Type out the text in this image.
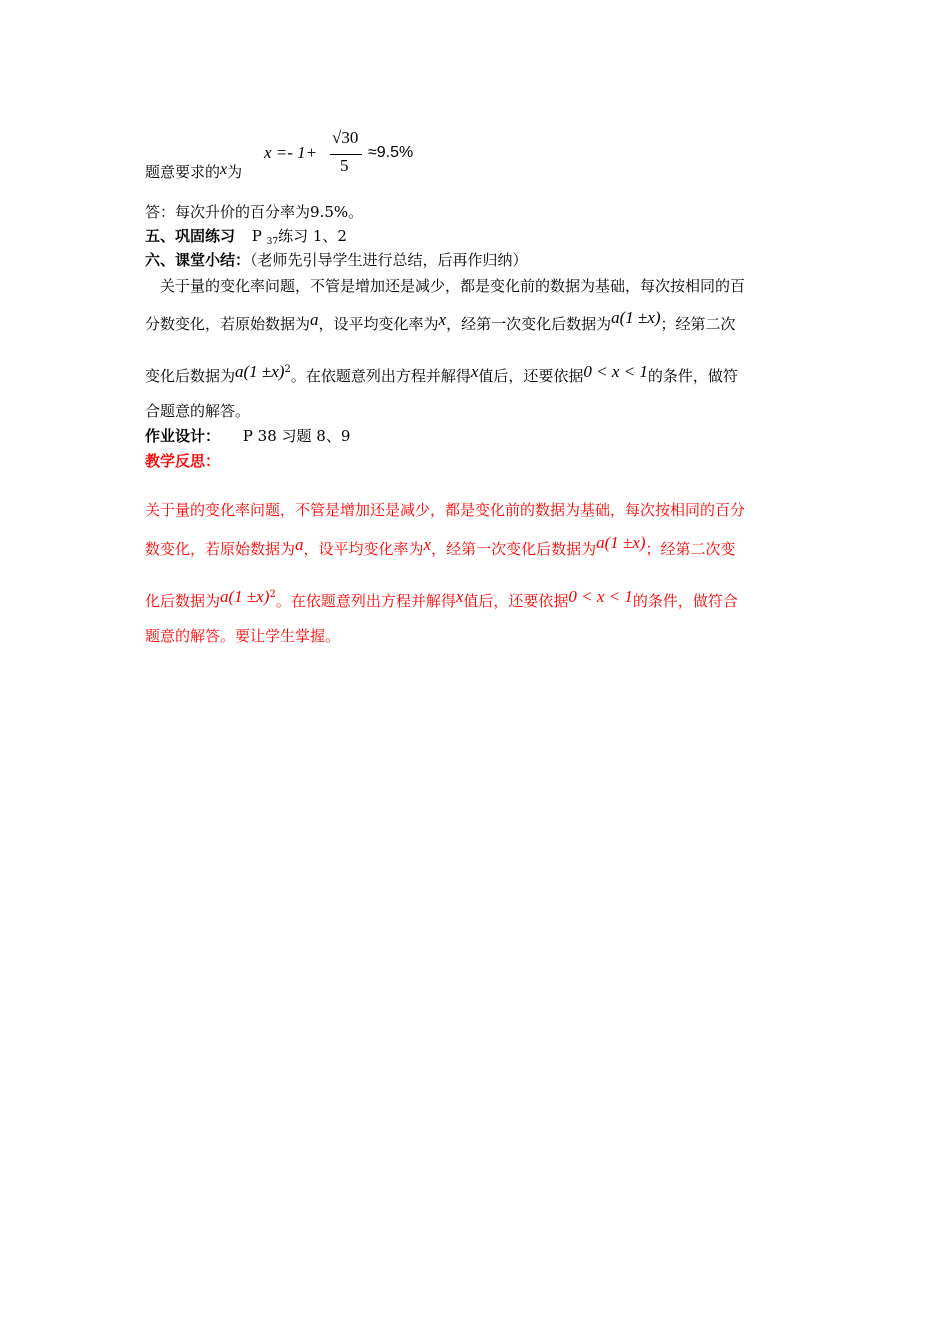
题意要求的x为
x =- 1+
√30
5
≈9.5%
答：每次升价的百分率为9.5%。
五、巩固练习 P $_{37}$练习 1、2
六、课堂小结：（老师先引导学生进行总结，后再作归纳）
关于量的变化率问题，不管是增加还是减少，都是变化前的数据为基础，每次按相同的百
分数变化，若原始数据为a，设平均变化率为x，经第一次变化后数据为a(1 ±x)；经第二次
变化后数据为$a(1 \pm x)^2$。在依题意列出方程并解得x值后，还要依据0 < x < 1的条件，做符
合题意的解答。
作业设计： P 38 习题 8、9
教学反思：
关于量的变化率问题，不管是增加还是减少，都是变化前的数据为基础，每次按相同的百分
数变化，若原始数据为a，设平均变化率为x，经第一次变化后数据为a(1 ±x)；经第二次变
化后数据为$a(1 \pm x)^2$。在依题意列出方程并解得x值后，还要依据0 < x < 1的条件，做符合
题意的解答。要让学生掌握。
